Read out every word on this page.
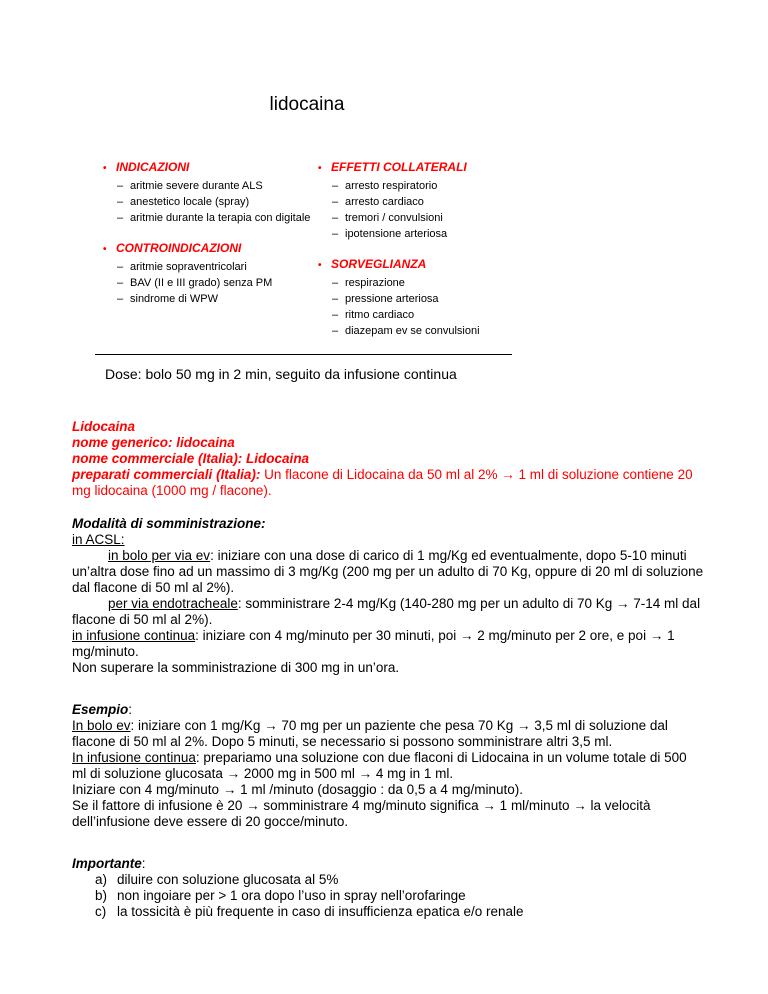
lidocaina
• INDICAZIONI
– aritmie severe durante ALS
– anestetico locale (spray)
– aritmie durante la terapia con digitale
• CONTROINDICAZIONI
– aritmie sopraventricolari
– BAV (II e III grado) senza PM
– sindrome di WPW
• EFFETTI COLLATERALI
– arresto respiratorio
– arresto cardiaco
– tremori / convulsioni
– ipotensione arteriosa
• SORVEGLIANZA
– respirazione
– pressione arteriosa
– ritmo cardiaco
– diazepam ev se convulsioni
Dose: bolo 50 mg in 2 min, seguito da infusione continua

Lidocaina

nome generico: lidocaina

nome commerciale (Italia): Lidocaina

preparati commerciali (Italia): Un flacone di Lidocaina da 50 ml al 2% → 1 ml di soluzione contiene 20 mg lidocaina (1000 mg / flacone).

Modalità di somministrazione:

in ACSL:

in bolo per via ev: iniziare con una dose di carico di 1 mg/Kg ed eventualmente, dopo 5-10 minuti un’altra dose fino ad un massimo di 3 mg/Kg (200 mg per un adulto di 70 Kg, oppure di 20 ml di soluzione dal flacone di 50 ml al 2%).

per via endotracheale: somministrare 2-4 mg/Kg (140-280 mg per un adulto di 70 Kg → 7-14 ml dal flacone di 50 ml al 2%).

in infusione continua: iniziare con 4 mg/minuto per 30 minuti, poi → 2 mg/minuto per 2 ore, e poi → 1 mg/minuto.

Non superare la somministrazione di 300 mg in un’ora.

Esempio:

In bolo ev: iniziare con 1 mg/Kg → 70 mg per un paziente che pesa 70 Kg → 3,5 ml di soluzione dal flacone di 50 ml al 2%. Dopo 5 minuti, se necessario si possono somministrare altri 3,5 ml.

In infusione continua: prepariamo una soluzione con due flaconi di Lidocaina in un volume totale di 500 ml di soluzione glucosata → 2000 mg in 500 ml → 4 mg in 1 ml.

Iniziare con 4 mg/minuto → 1 ml /minuto (dosaggio : da 0,5 a 4 mg/minuto).

Se il fattore di infusione è 20 → somministrare 4 mg/minuto significa → 1 ml/minuto → la velocità dell’infusione deve essere di 20 gocce/minuto.

Importante:

a) diluire con soluzione glucosata al 5%
b) non ingoiare per > 1 ora dopo l’uso in spray nell’orofaringe
c) la tossicità è più frequente in caso di insufficienza epatica e/o renale
